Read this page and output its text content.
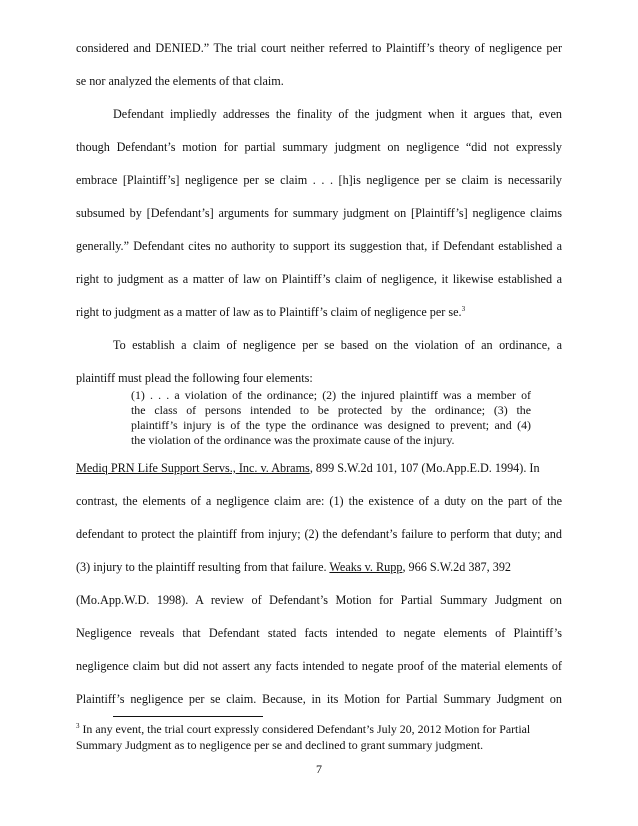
considered and DENIED.” The trial court neither referred to Plaintiff’s theory of negligence per
se nor analyzed the elements of that claim.
Defendant impliedly addresses the finality of the judgment when it argues that, even
though Defendant’s motion for partial summary judgment on negligence “did not expressly
embrace [Plaintiff’s] negligence per se claim . . . [h]is negligence per se claim is necessarily
subsumed by [Defendant’s] arguments for summary judgment on [Plaintiff’s] negligence claims
generally.” Defendant cites no authority to support its suggestion that, if Defendant established a
right to judgment as a matter of law on Plaintiff’s claim of negligence, it likewise established a
right to judgment as a matter of law as to Plaintiff’s claim of negligence per se.$^3$
To establish a claim of negligence per se based on the violation of an ordinance, a
plaintiff must plead the following four elements:
(1) . . . a violation of the ordinance; (2) the injured plaintiff was a member of
the class of persons intended to be protected by the ordinance; (3) the
plaintiff’s injury is of the type the ordinance was designed to prevent; and (4)
the violation of the ordinance was the proximate cause of the injury.
Mediq PRN Life Support Servs., Inc. v. Abrams, 899 S.W.2d 101, 107 (Mo.App.E.D. 1994). In
contrast, the elements of a negligence claim are: (1) the existence of a duty on the part of the
defendant to protect the plaintiff from injury; (2) the defendant’s failure to perform that duty; and
(3) injury to the plaintiff resulting from that failure. Weaks v. Rupp, 966 S.W.2d 387, 392
(Mo.App.W.D. 1998). A review of Defendant’s Motion for Partial Summary Judgment on
Negligence reveals that Defendant stated facts intended to negate elements of Plaintiff’s
negligence claim but did not assert any facts intended to negate proof of the material elements of
$^3$ In any event, the trial court expressly considered Defendant’s July 20, 2012 Motion for Partial
Summary Judgment as to negligence per se and declined to grant summary judgment.
7
Plaintiff’s negligence per se claim. Because, in its Motion for Partial Summary Judgment on
